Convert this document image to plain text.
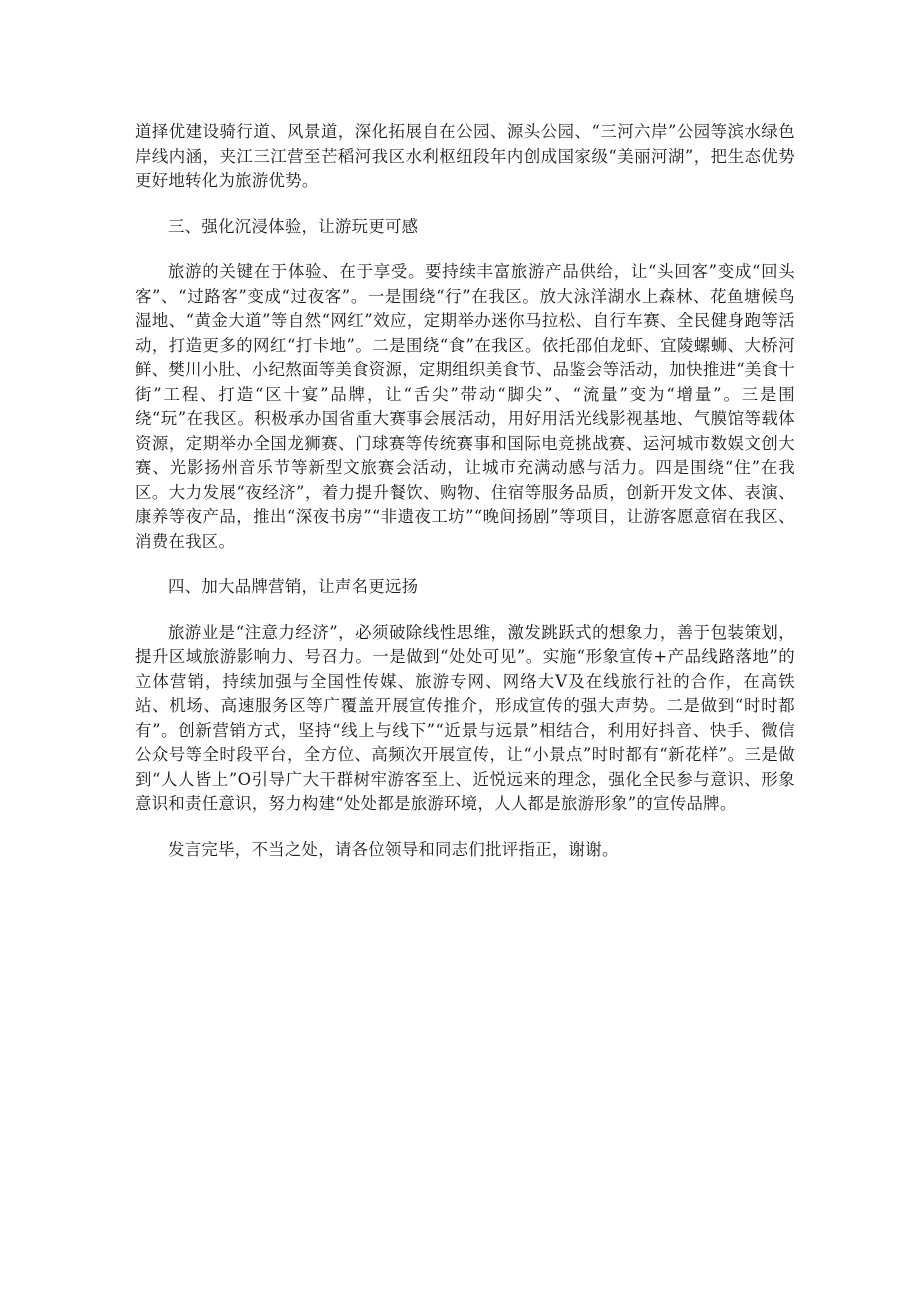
道择优建设骑行道、风景道，深化拓展自在公园、源头公园、“三河六岸”公园等滨水绿色岸线内涵，夹江三江营至芒稻河我区水利枢纽段年内创成国家级“美丽河湖”，把生态优势更好地转化为旅游优势。

三、强化沉浸体验，让游玩更可感

旅游的关键在于体验、在于享受。要持续丰富旅游产品供给，让“头回客”变成“回头客”、“过路客”变成“过夜客”。一是围绕“行”在我区。放大泳洋湖水上森林、花鱼塘候鸟湿地、“黄金大道”等自然“网红”效应，定期举办迷你马拉松、自行车赛、全民健身跑等活动，打造更多的网红“打卡地”。二是围绕“食”在我区。依托邵伯龙虾、宜陵螺蛳、大桥河鲜、樊川小肚、小纪熬面等美食资源，定期组织美食节、品鉴会等活动，加快推进“美食十街”工程、打造“区十宴”品牌，让“舌尖”带动“脚尖”、“流量”变为“增量”。三是围绕“玩”在我区。积极承办国省重大赛事会展活动，用好用活光线影视基地、气膜馆等载体资源，定期举办全国龙狮赛、门球赛等传统赛事和国际电竞挑战赛、运河城市数娱文创大赛、光影扬州音乐节等新型文旅赛会活动，让城市充满动感与活力。四是围绕“住”在我区。大力发展“夜经济”，着力提升餐饮、购物、住宿等服务品质，创新开发文体、表演、康养等夜产品，推出“深夜书房”“非遗夜工坊”“晚间扬剧”等项目，让游客愿意宿在我区、消费在我区。

四、加大品牌营销，让声名更远扬

旅游业是“注意力经济”，必须破除线性思维，激发跳跃式的想象力，善于包装策划，提升区域旅游影响力、号召力。一是做到“处处可见”。实施“形象宣传+产品线路落地”的立体营销，持续加强与全国性传媒、旅游专网、网络大V及在线旅行社的合作，在高铁站、机场、高速服务区等广覆盖开展宣传推介，形成宣传的强大声势。二是做到“时时都有”。创新营销方式，坚持“线上与线下”“近景与远景”相结合，利用好抖音、快手、微信公众号等全时段平台，全方位、高频次开展宣传，让“小景点”时时都有“新花样”。三是做到“人人皆上”O引导广大干群树牢游客至上、近悦远来的理念，强化全民参与意识、形象意识和责任意识，努力构建“处处都是旅游环境，人人都是旅游形象”的宣传品牌。

发言完毕，不当之处，请各位领导和同志们批评指正，谢谢。
